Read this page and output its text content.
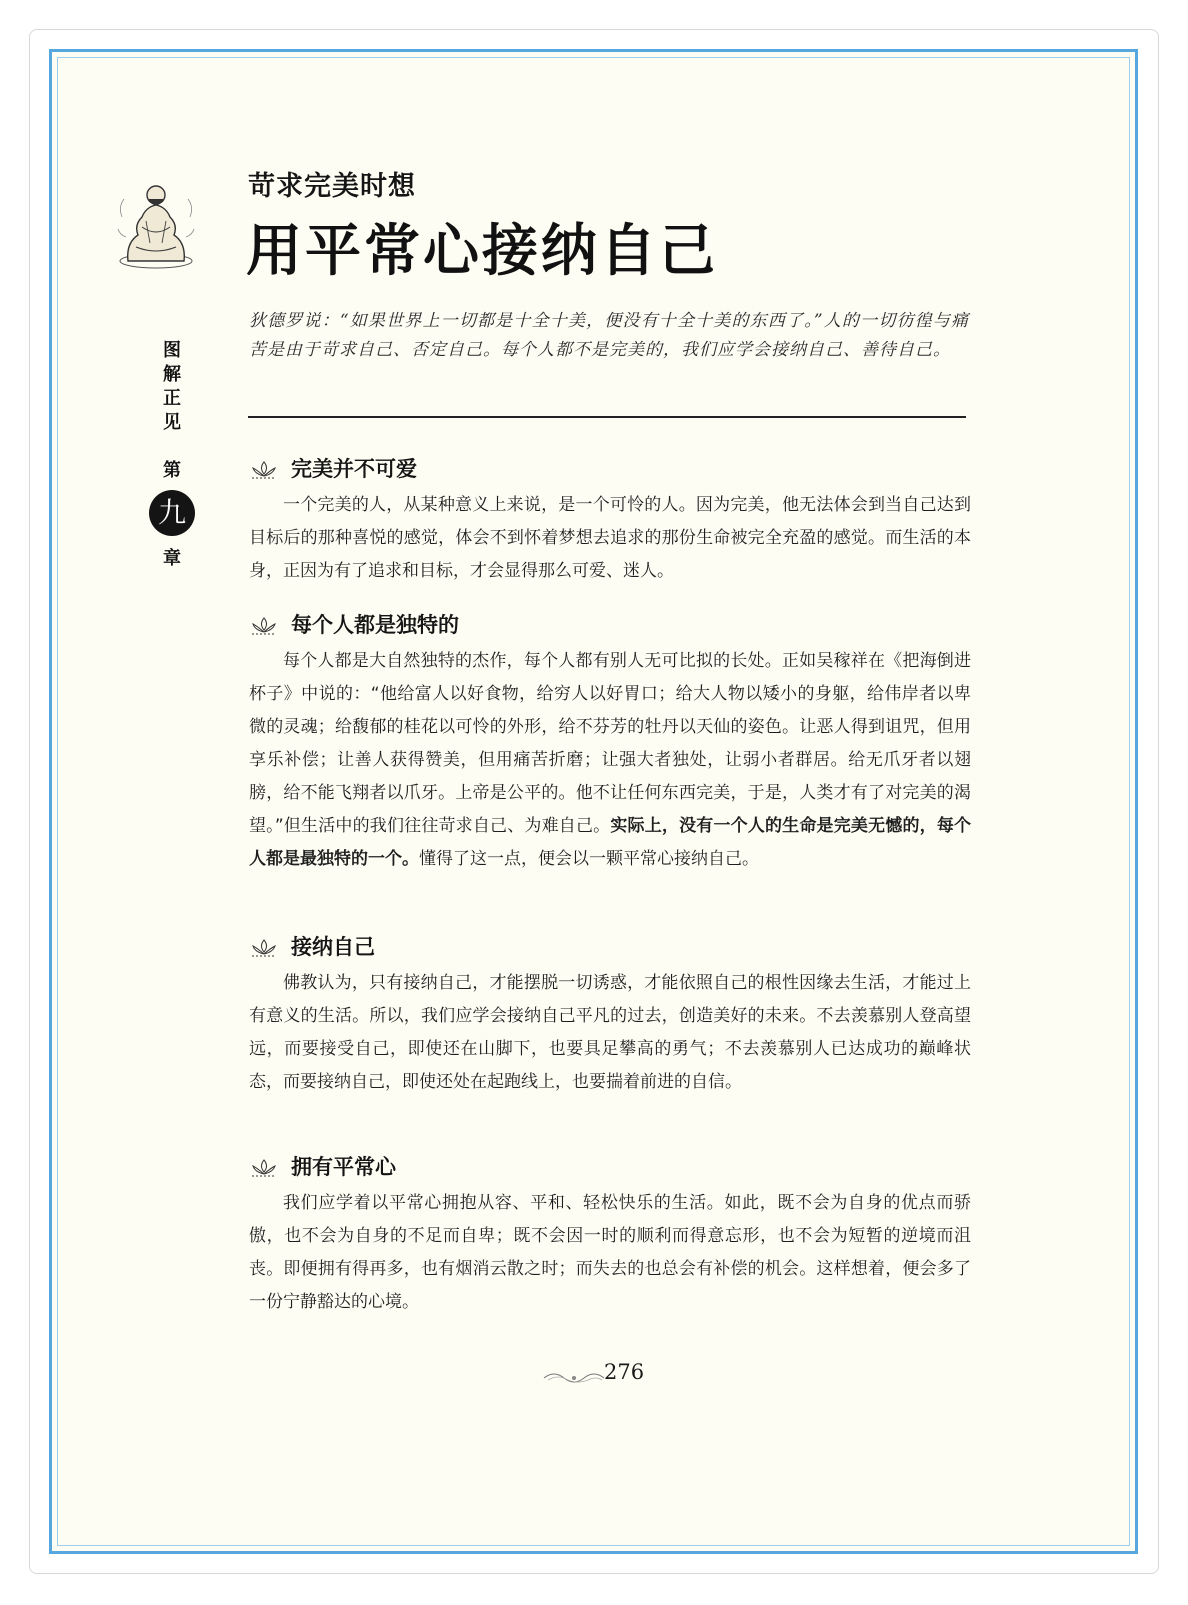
图解正见
第
九
章
苛求完美时想
用平常心接纳自己
狄德罗说：“如果世界上一切都是十全十美，便没有十全十美的东西了。”人的一切彷徨与痛苦是由于苛求自己、否定自己。每个人都不是完美的，我们应学会接纳自己、善待自己。
完美并不可爱
一个完美的人，从某种意义上来说，是一个可怜的人。因为完美，他无法体会到当自己达到目标后的那种喜悦的感觉，体会不到怀着梦想去追求的那份生命被完全充盈的感觉。而生活的本身，正因为有了追求和目标，才会显得那么可爱、迷人。
每个人都是独特的
每个人都是大自然独特的杰作，每个人都有别人无可比拟的长处。正如吴稼祥在《把海倒进杯子》中说的：“他给富人以好食物，给穷人以好胃口；给大人物以矮小的身躯，给伟岸者以卑微的灵魂；给馥郁的桂花以可怜的外形，给不芬芳的牡丹以天仙的姿色。让恶人得到诅咒，但用享乐补偿；让善人获得赞美，但用痛苦折磨；让强大者独处，让弱小者群居。给无爪牙者以翅膀，给不能飞翔者以爪牙。上帝是公平的。他不让任何东西完美，于是，人类才有了对完美的渴望。”但生活中的我们往往苛求自己、为难自己。实际上，没有一个人的生命是完美无憾的，每个人都是最独特的一个。懂得了这一点，便会以一颗平常心接纳自己。
接纳自己
佛教认为，只有接纳自己，才能摆脱一切诱惑，才能依照自己的根性因缘去生活，才能过上有意义的生活。所以，我们应学会接纳自己平凡的过去，创造美好的未来。不去羡慕别人登高望远，而要接受自己，即使还在山脚下，也要具足攀高的勇气；不去羡慕别人已达成功的巅峰状态，而要接纳自己，即使还处在起跑线上，也要揣着前进的自信。
拥有平常心
我们应学着以平常心拥抱从容、平和、轻松快乐的生活。如此，既不会为自身的优点而骄傲，也不会为自身的不足而自卑；既不会因一时的顺利而得意忘形，也不会为短暂的逆境而沮丧。即便拥有得再多，也有烟消云散之时；而失去的也总会有补偿的机会。这样想着，便会多了一份宁静豁达的心境。
276
